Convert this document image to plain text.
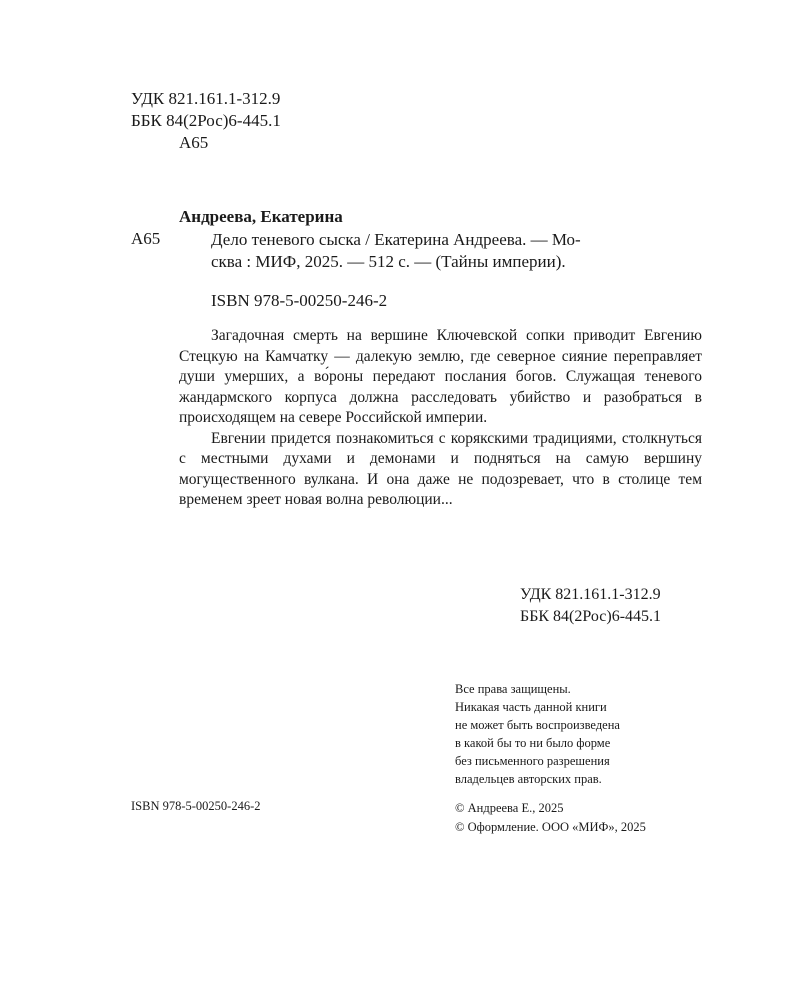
УДК 821.161.1-312.9
ББК 84(2Рос)6-445.1
А65
Андреева, Екатерина
А65	Дело теневого сыска / Екатерина Андреева. — Мо-
сква : МИФ, 2025. — 512 с. — (Тайны империи).
ISBN 978-5-00250-246-2

Загадочная смерть на вершине Ключевской сопки приводит Евгению Стецкую на Камчатку — далекую землю, где северное сияние переправляет души умерших, а во́роны передают послания богов. Служащая теневого жандармского корпуса должна расследовать убийство и разобраться в происходящем на севере Российской империи.

Евгении придется познакомиться с корякскими традициями, столкнуться с местными духами и демонами и подняться на самую вершину могущественного вулкана. И она даже не подозревает, что в столице тем временем зреет новая волна революции...

УДК 821.161.1-312.9
ББК 84(2Рос)6-445.1
Все права защищены.
Никакая часть данной книги
не может быть воспроизведена
в какой бы то ни было форме
без письменного разрешения
владельцев авторских прав.
ISBN 978-5-00250-246-2	© Андреева Е., 2025
© Оформление. ООО «МИФ», 2025
